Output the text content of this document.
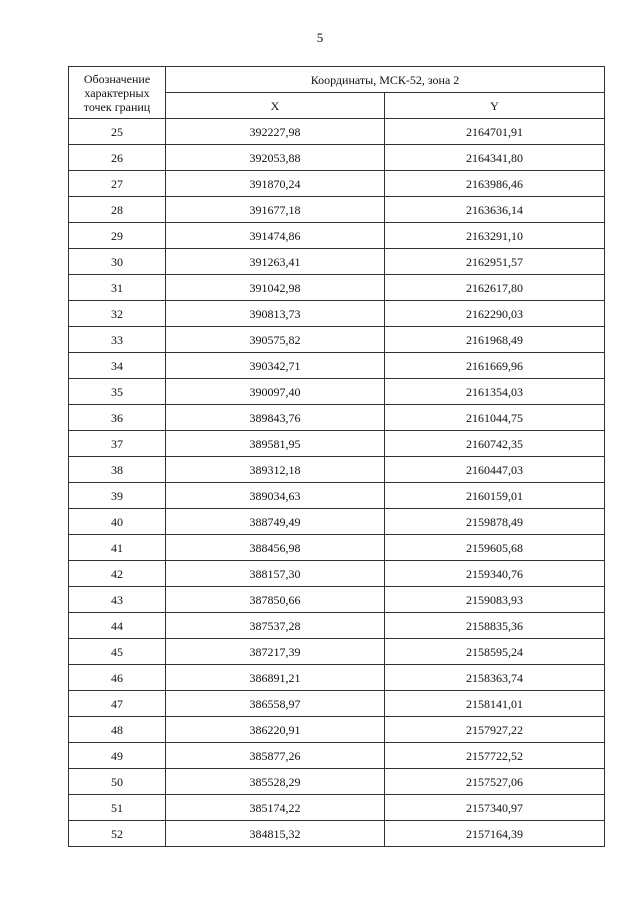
5
Обозначение характерных точек границ	Координаты, МСК-52, зона 2	
	X	Y
25	392227,98	2164701,91
26	392053,88	2164341,80
27	391870,24	2163986,46
28	391677,18	2163636,14
29	391474,86	2163291,10
30	391263,41	2162951,57
31	391042,98	2162617,80
32	390813,73	2162290,03
33	390575,82	2161968,49
34	390342,71	2161669,96
35	390097,40	2161354,03
36	389843,76	2161044,75
37	389581,95	2160742,35
38	389312,18	2160447,03
39	389034,63	2160159,01
40	388749,49	2159878,49
41	388456,98	2159605,68
42	388157,30	2159340,76
43	387850,66	2159083,93
44	387537,28	2158835,36
45	387217,39	2158595,24
46	386891,21	2158363,74
47	386558,97	2158141,01
48	386220,91	2157927,22
49	385877,26	2157722,52
50	385528,29	2157527,06
51	385174,22	2157340,97
52	384815,32	2157164,39
